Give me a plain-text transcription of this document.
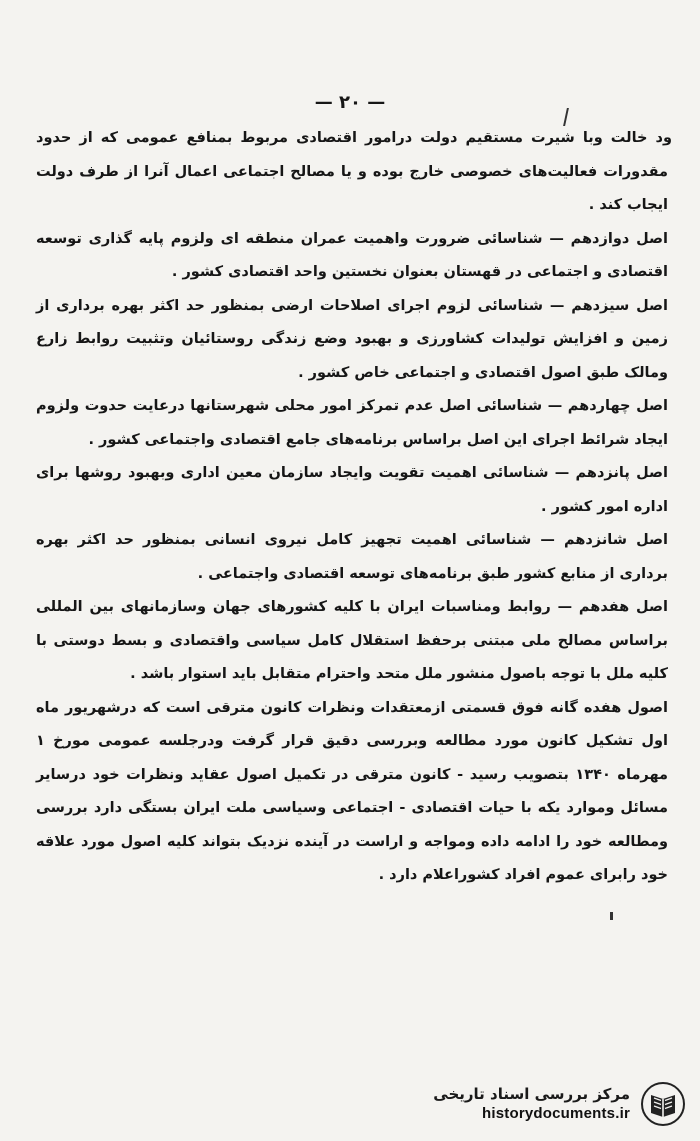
— ۲۰ —

ود خالت وبا شیرت مستقیم دولت درامور اقتصادی مربوط بمنافع عمومی که از حدود مقدورات فعالیت‌های خصوصی خارج بوده و یا مصالح اجتماعی اعمال آنرا از طرف دولت ایجاب کند .

اصل دوازدهم — شناسائی ضرورت واهمیت عمران منطقه ای ولزوم پایه گذاری توسعه اقتصادی و اجتماعی در قهستان بعنوان نخستین واحد اقتصادی کشور .

اصل سیزدهم — شناسائی لزوم اجرای اصلاحات ارضی بمنظور حد اکثر بهره برداری از زمین و افزایش تولیدات کشاورزی و بهبود وضع زندگی روستائیان وتثبیت روابط زارع ومالک طبق اصول اقتصادی و اجتماعی خاص کشور .

اصل چهاردهم — شناسائی اصل عدم تمرکز امور محلی شهرستانها درعایت حدوت ولزوم ایجاد شرائط اجرای این اصل براساس برنامه‌های جامع اقتصادی واجتماعی کشور .

اصل پانزدهم — شناسائی اهمیت تقویت وایجاد سازمان معین اداری وبهبود روشها برای اداره امور کشور .

اصل شانزدهم — شناسائی اهمیت تجهیز کامل نیروی انسانی بمنظور حد اکثر بهره برداری از منابع کشور طبق برنامه‌های توسعه اقتصادی واجتماعی .

اصل هفدهم — روابط ومناسبات ایران با کلیه کشورهای جهان وسازمانهای بین المللی براساس مصالح ملی مبتنی برحفظ استقلال کامل سیاسی واقتصادی و بسط دوستی با کلیه ملل با توجه باصول منشور ملل متحد واحترام متقابل باید استوار باشد .

اصول هفده گانه فوق قسمتی ازمعتقدات ونظرات کانون مترقی است که درشهریور ماه اول تشکیل کانون مورد مطالعه وبررسی دقیق قرار گرفت ودرجلسه عمومی مورخ ۱ مهرماه ۱۳۴۰ بتصویب رسید - کانون مترقی در تکمیل اصول عقاید ونظرات خود درسایر مسائل وموارد یکه با حیات اقتصادی - اجتماعی وسیاسی ملت ایران بستگی دارد بررسی ومطالعه خود را ادامه داده ومواجه و اراست در آینده نزدیک بتواند کلیه اصول مورد علاقه خود رابرای عموم افراد کشوراعلام دارد .

مرکز بررسی اسناد تاریخی
historydocuments.ir
